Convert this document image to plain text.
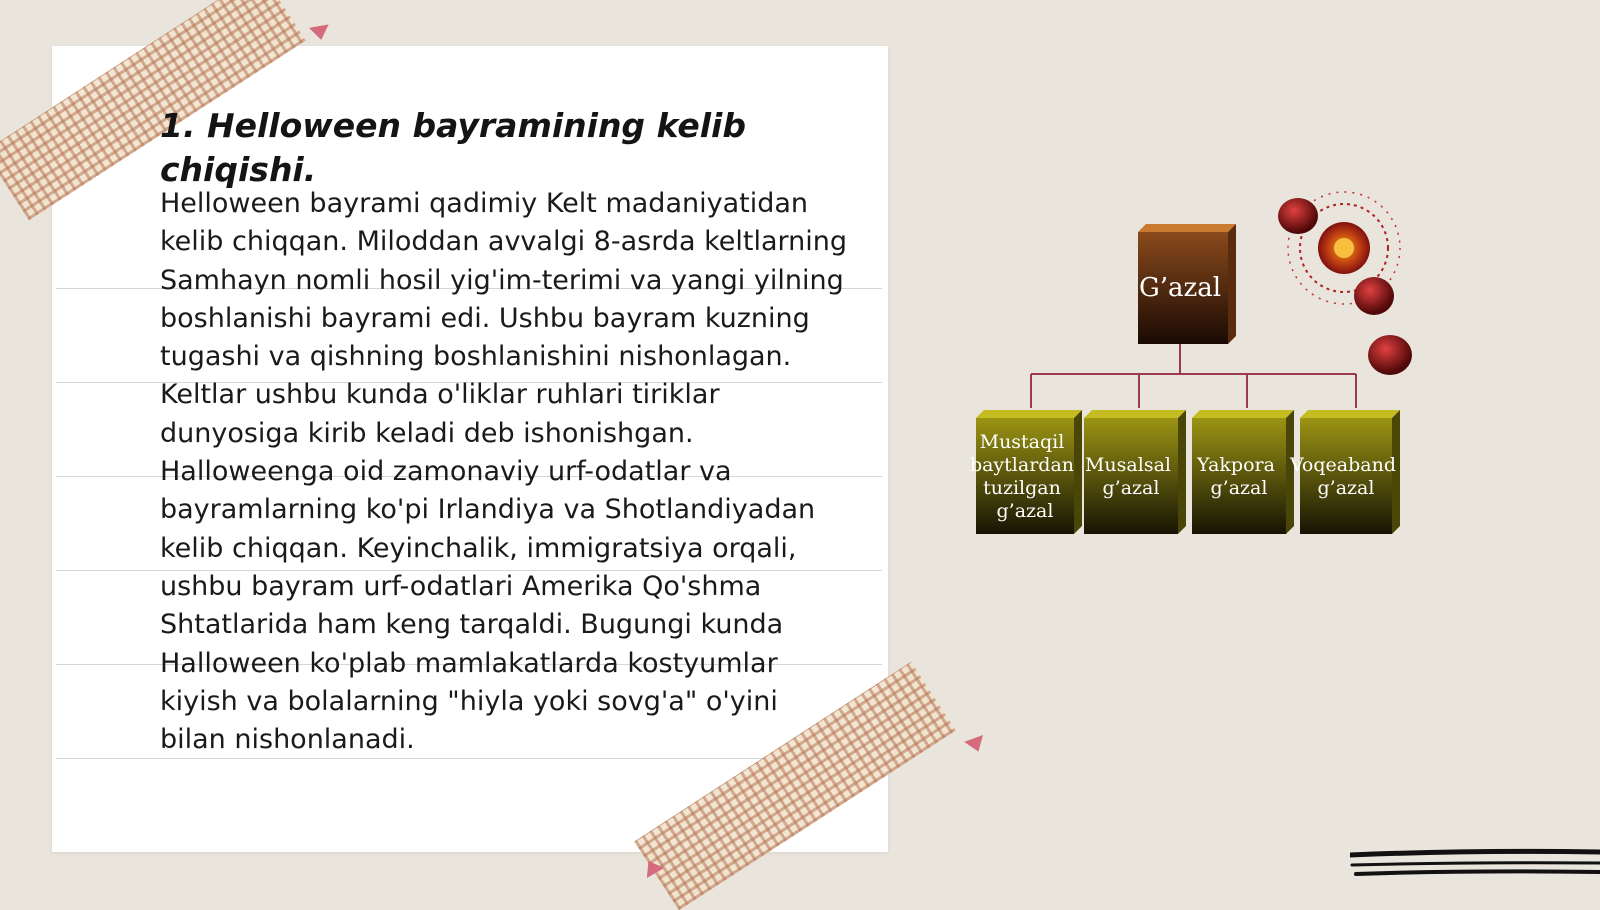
1. Helloween bayramining kelib chiqishi.

Helloween bayrami qadimiy Kelt madaniyatidan kelib chiqqan. Miloddan avvalgi 8-asrda keltlarning Samhayn nomli hosil yig'im-terimi va yangi yilning boshlanishi bayrami edi. Ushbu bayram kuzning tugashi va qishning boshlanishini nishonlagan. Keltlar ushbu kunda o'liklar ruhlari tiriklar dunyosiga kirib keladi deb ishonishgan. Halloweenga oid zamonaviy urf-odatlar va bayramlarning ko'pi Irlandiya va Shotlandiyadan kelib chiqqan. Keyinchalik, immigratsiya orqali, ushbu bayram urf-odatlari Amerika Qo'shma Shtatlarida ham keng tarqaldi. Bugungi kunda Halloween ko'plab mamlakatlarda kostyumlar kiyish va bolalarning "hiyla yoki sovg'a" o'yini bilan nishonlanadi.

G’azal
Mustaqil baytlardan tuzilgan g’azal
Musalsal g’azal
Yakpora g’azal
Voqeaband g’azal
